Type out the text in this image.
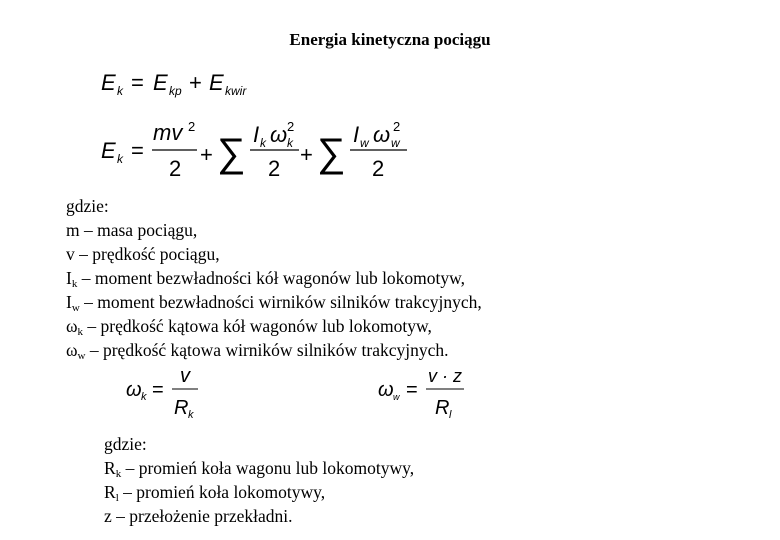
Energia kinetyczna pociągu
E k = E kp + E kwir
E k =
mv 2
2
+ ∑ I k ω k
2
2
+ ∑ I w ω w
2
2
gdzie:
m – masa pociągu,
v – prędkość pociągu,
$I_k$ – moment bezwładności kół wagonów lub lokomotyw,
$I_w$ – moment bezwładności wirników silników trakcyjnych,
$\omega_k$ – prędkość kątowa kół wagonów lub lokomotyw,
$\omega_w$ – prędkość kątowa wirników silników trakcyjnych.
ω k =
v
R k
ω w =
v · z
R l
gdzie:
$R_k$ – promień koła wagonu lub lokomotywy,
$R_l$ – promień koła lokomotywy,
z – przełożenie przekładni.
